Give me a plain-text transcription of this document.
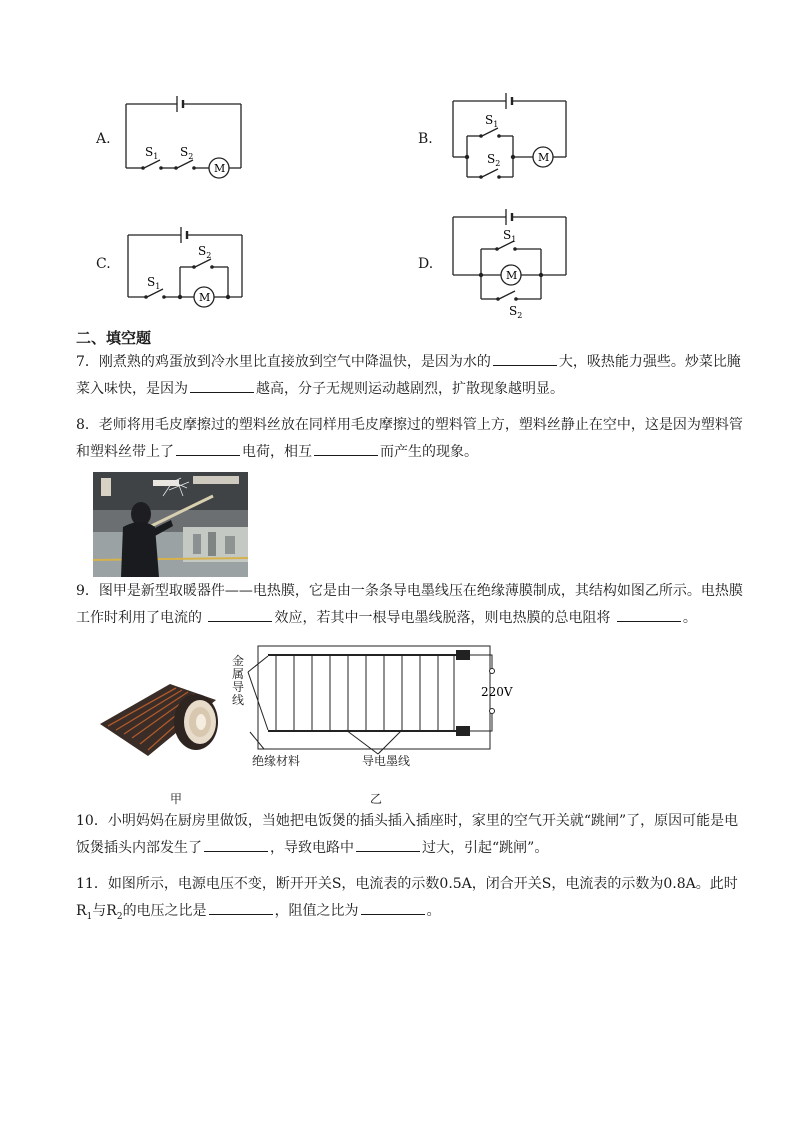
A.
$S_1$ $S_2$
M
B.
$S_1$
$S_2$	M
C.
$S_1$
$S_2$
M
D.
$S_1$
$S_2$
M
二、填空题
7．刚煮熟的鸡蛋放到冷水里比直接放到空气中降温快，是因为水的	大，吸热能力强些。炒菜比腌菜入味快，是因为	越高，分子无规则运动越剧烈，扩散现象越明显。
8．老师将用毛皮摩擦过的塑料丝放在同样用毛皮摩擦过的塑料管上方，塑料丝静止在空中，这是因为塑料管和塑料丝带上了	电荷，相互	而产生的现象。
9．图甲是新型取暖器件——电热膜，它是由一条条导电墨线压在绝缘薄膜制成，其结构如图乙所示。电热膜工作时利用了电流的	效应，若其中一根导电墨线脱落，则电热膜的总电阻将	。
220V
金属导线
绝缘材料	导电墨线
甲	乙
10．小明妈妈在厨房里做饭，当她把电饭煲的插头插入插座时，家里的空气开关就“跳闸”了，原因可能是电饭煲插头内部发生了	，导致电路中	过大，引起“跳闸”。
11．如图所示，电源电压不变，断开开关S，电流表的示数0.5A，闭合开关S，电流表的示数为0.8A。此时$R_1$与$R_2$的电压之比是	，阻值之比为	。
